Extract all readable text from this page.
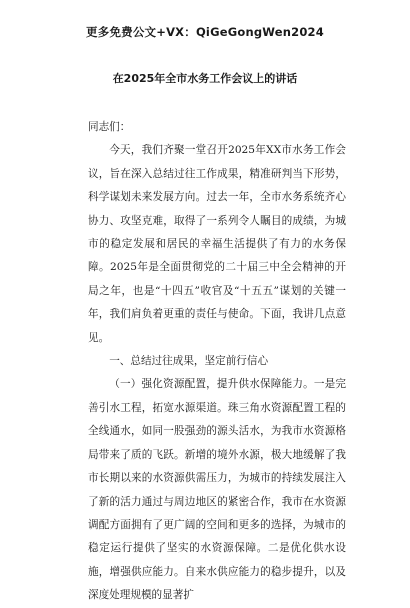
更多免费公文+VX：QiGeGongWen2024
在2025年全市水务工作会议上的讲话

同志们：

今天，我们齐聚一堂召开2025年XX市水务工作会议，旨在深入总结过往工作成果，精准研判当下形势，科学谋划未来发展方向。过去一年，全市水务系统齐心协力、攻坚克难，取得了一系列令人瞩目的成绩，为城市的稳定发展和居民的幸福生活提供了有力的水务保障。2025年是全面贯彻党的二十届三中全会精神的开局之年，也是“十四五”收官及“十五五”谋划的关键一年，我们肩负着更重的责任与使命。下面，我讲几点意见。

一、总结过往成果，坚定前行信心

（一）强化资源配置，提升供水保障能力。一是完善引水工程，拓宽水源渠道。珠三角水资源配置工程的全线通水，如同一股强劲的源头活水，为我市水资源格局带来了质的飞跃。新增的境外水源，极大地缓解了我市长期以来的水资源供需压力，为城市的持续发展注入了新的活力通过与周边地区的紧密合作，我市在水资源调配方面拥有了更广阔的空间和更多的选择，为城市的稳定运行提供了坚实的水资源保障。二是优化供水设施，增强供应能力。自来水供应能力的稳步提升，以及深度处理规模的显著扩
